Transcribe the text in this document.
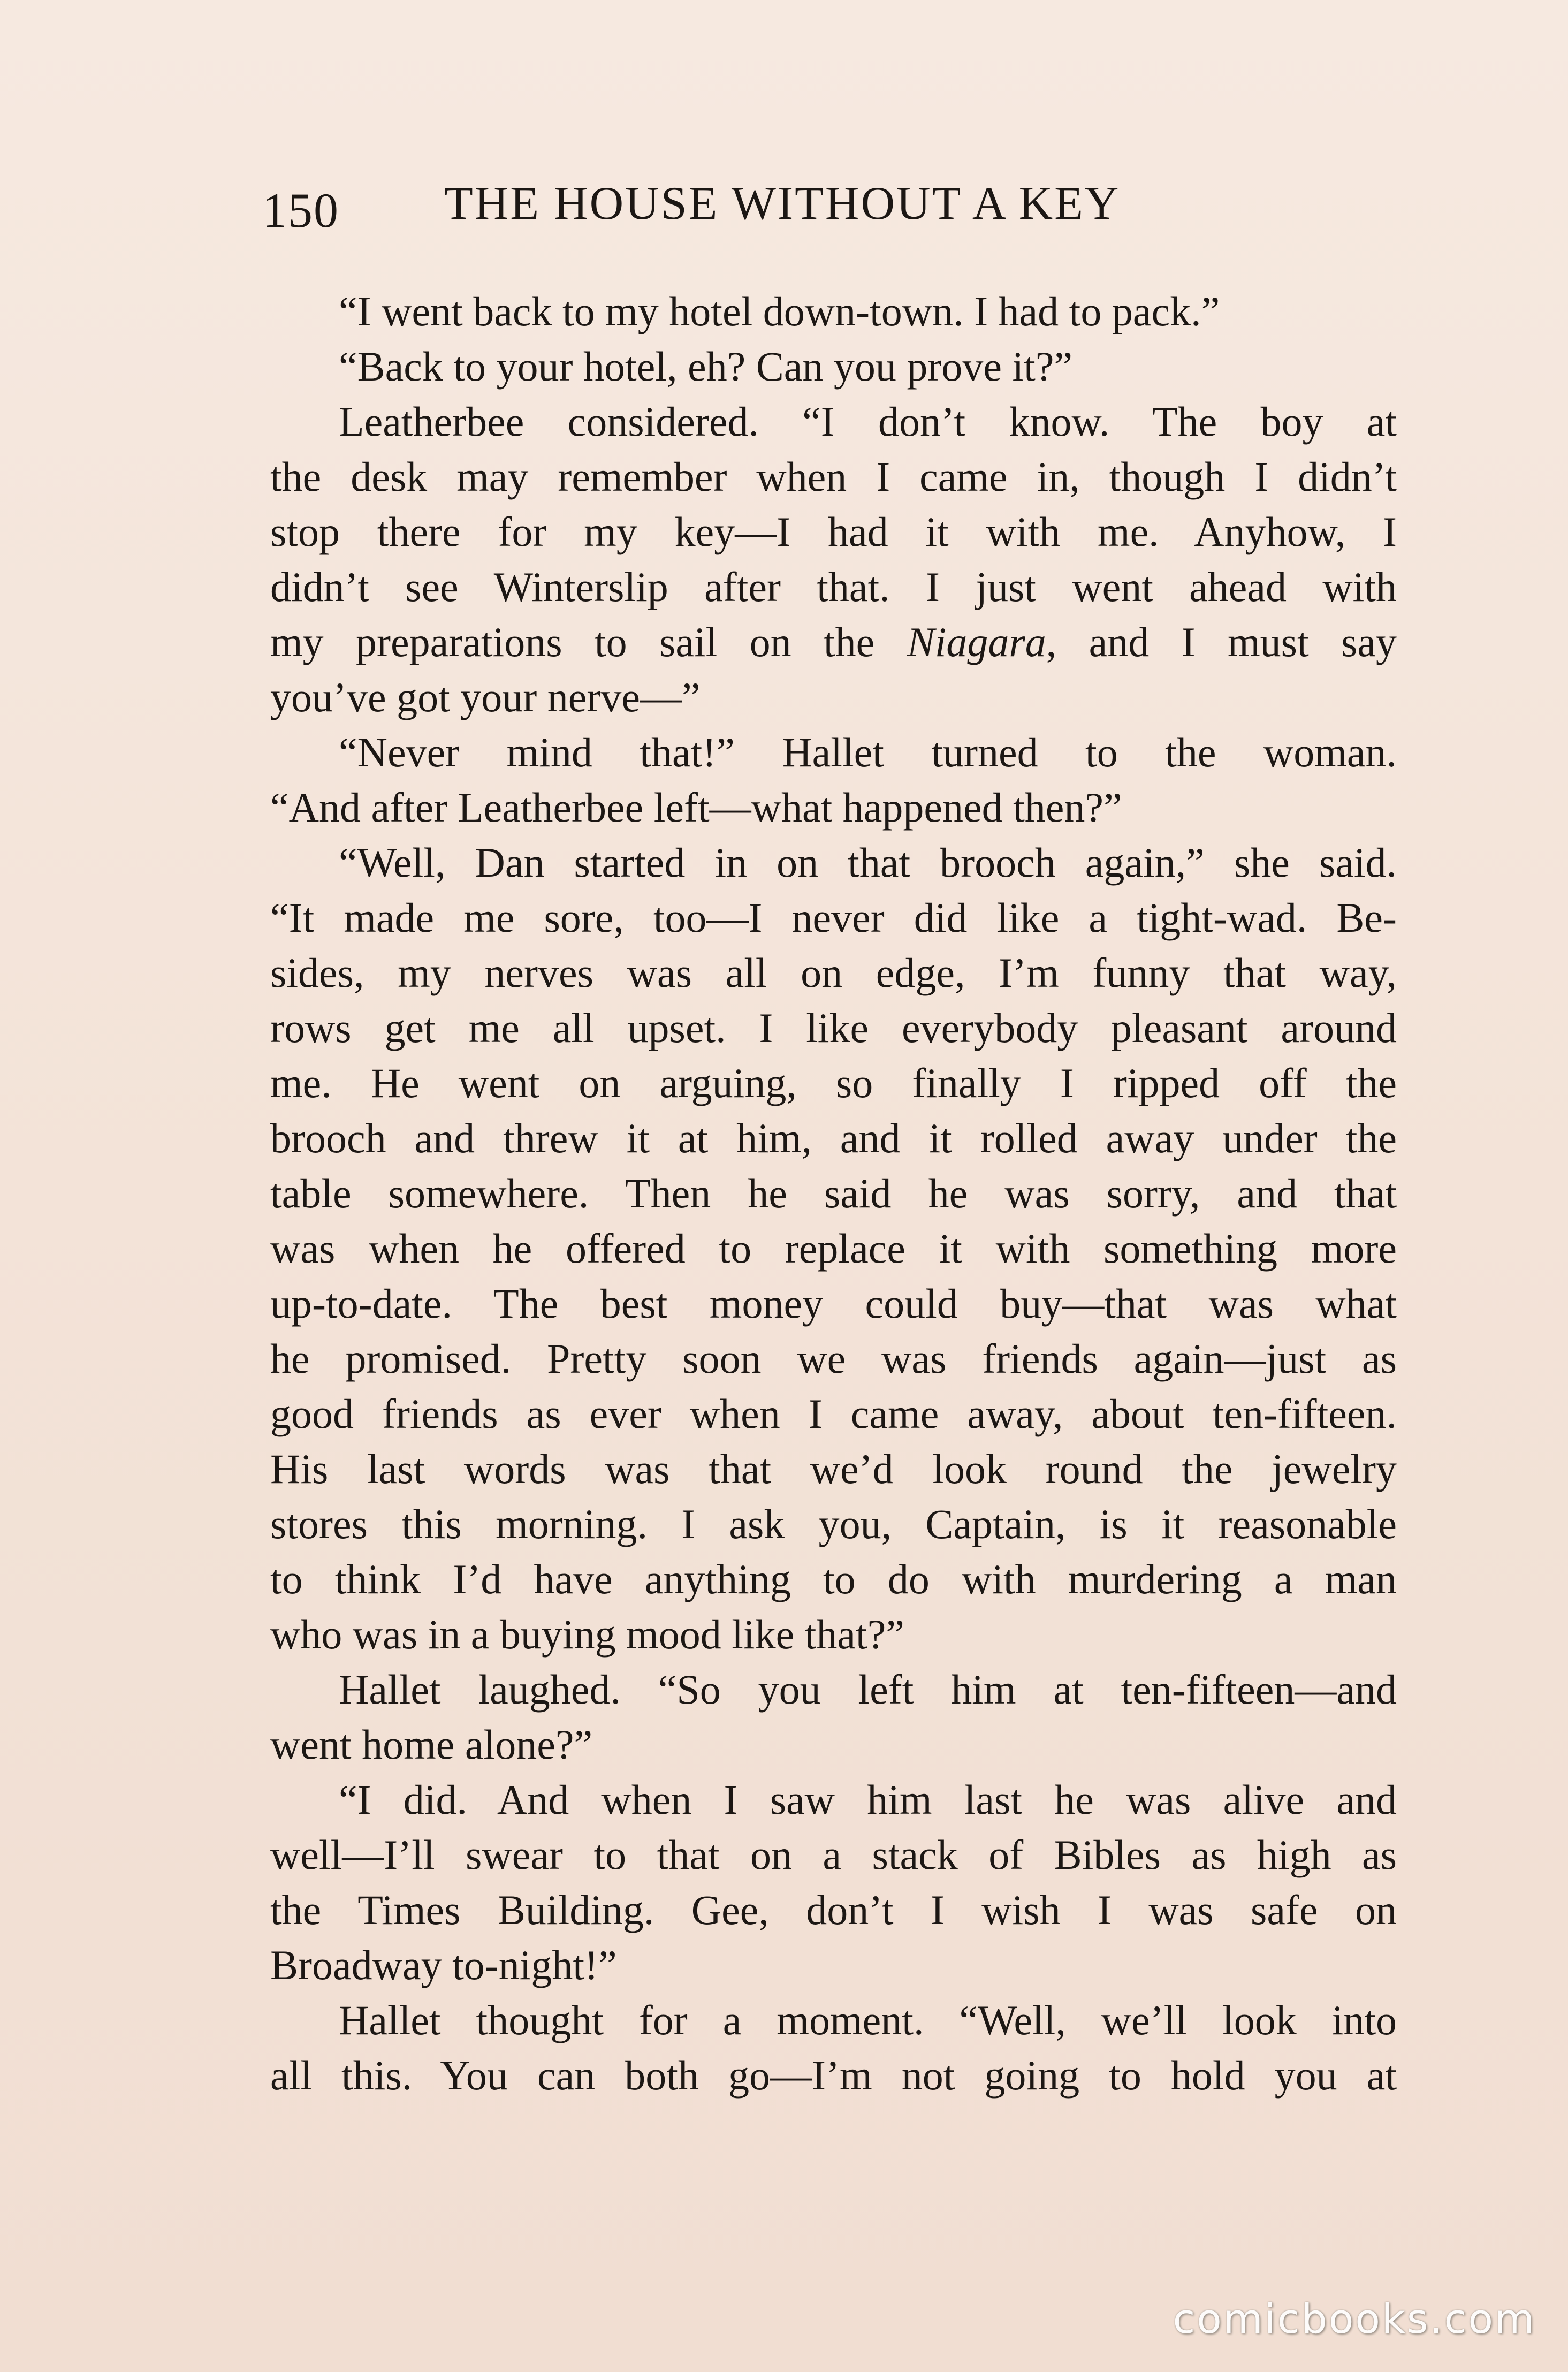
150 THE HOUSE WITHOUT A KEY
“I went back to my hotel down-town. I had to pack.”
“Back to your hotel, eh? Can you prove it?”
Leatherbee considered. “I don’t know. The boy at
the desk may remember when I came in, though I didn’t
stop there for my key—I had it with me. Anyhow, I
didn’t see Winterslip after that. I just went ahead with
my preparations to sail on the Niagara, and I must say
you’ve got your nerve—”
“Never mind that!” Hallet turned to the woman.
“And after Leatherbee left—what happened then?”
“Well, Dan started in on that brooch again,” she said.
“It made me sore, too—I never did like a tight-wad. Be-
sides, my nerves was all on edge, I’m funny that way,
rows get me all upset. I like everybody pleasant around
me. He went on arguing, so finally I ripped off the
brooch and threw it at him, and it rolled away under the
table somewhere. Then he said he was sorry, and that
was when he offered to replace it with something more
up-to-date. The best money could buy—that was what
he promised. Pretty soon we was friends again—just as
good friends as ever when I came away, about ten-fifteen.
His last words was that we’d look round the jewelry
stores this morning. I ask you, Captain, is it reasonable
to think I’d have anything to do with murdering a man
who was in a buying mood like that?”
Hallet laughed. “So you left him at ten-fifteen—and
went home alone?”
“I did. And when I saw him last he was alive and
well—I’ll swear to that on a stack of Bibles as high as
the Times Building. Gee, don’t I wish I was safe on
Broadway to-night!”
Hallet thought for a moment. “Well, we’ll look into
all this. You can both go—I’m not going to hold you at
comicbooks.com
